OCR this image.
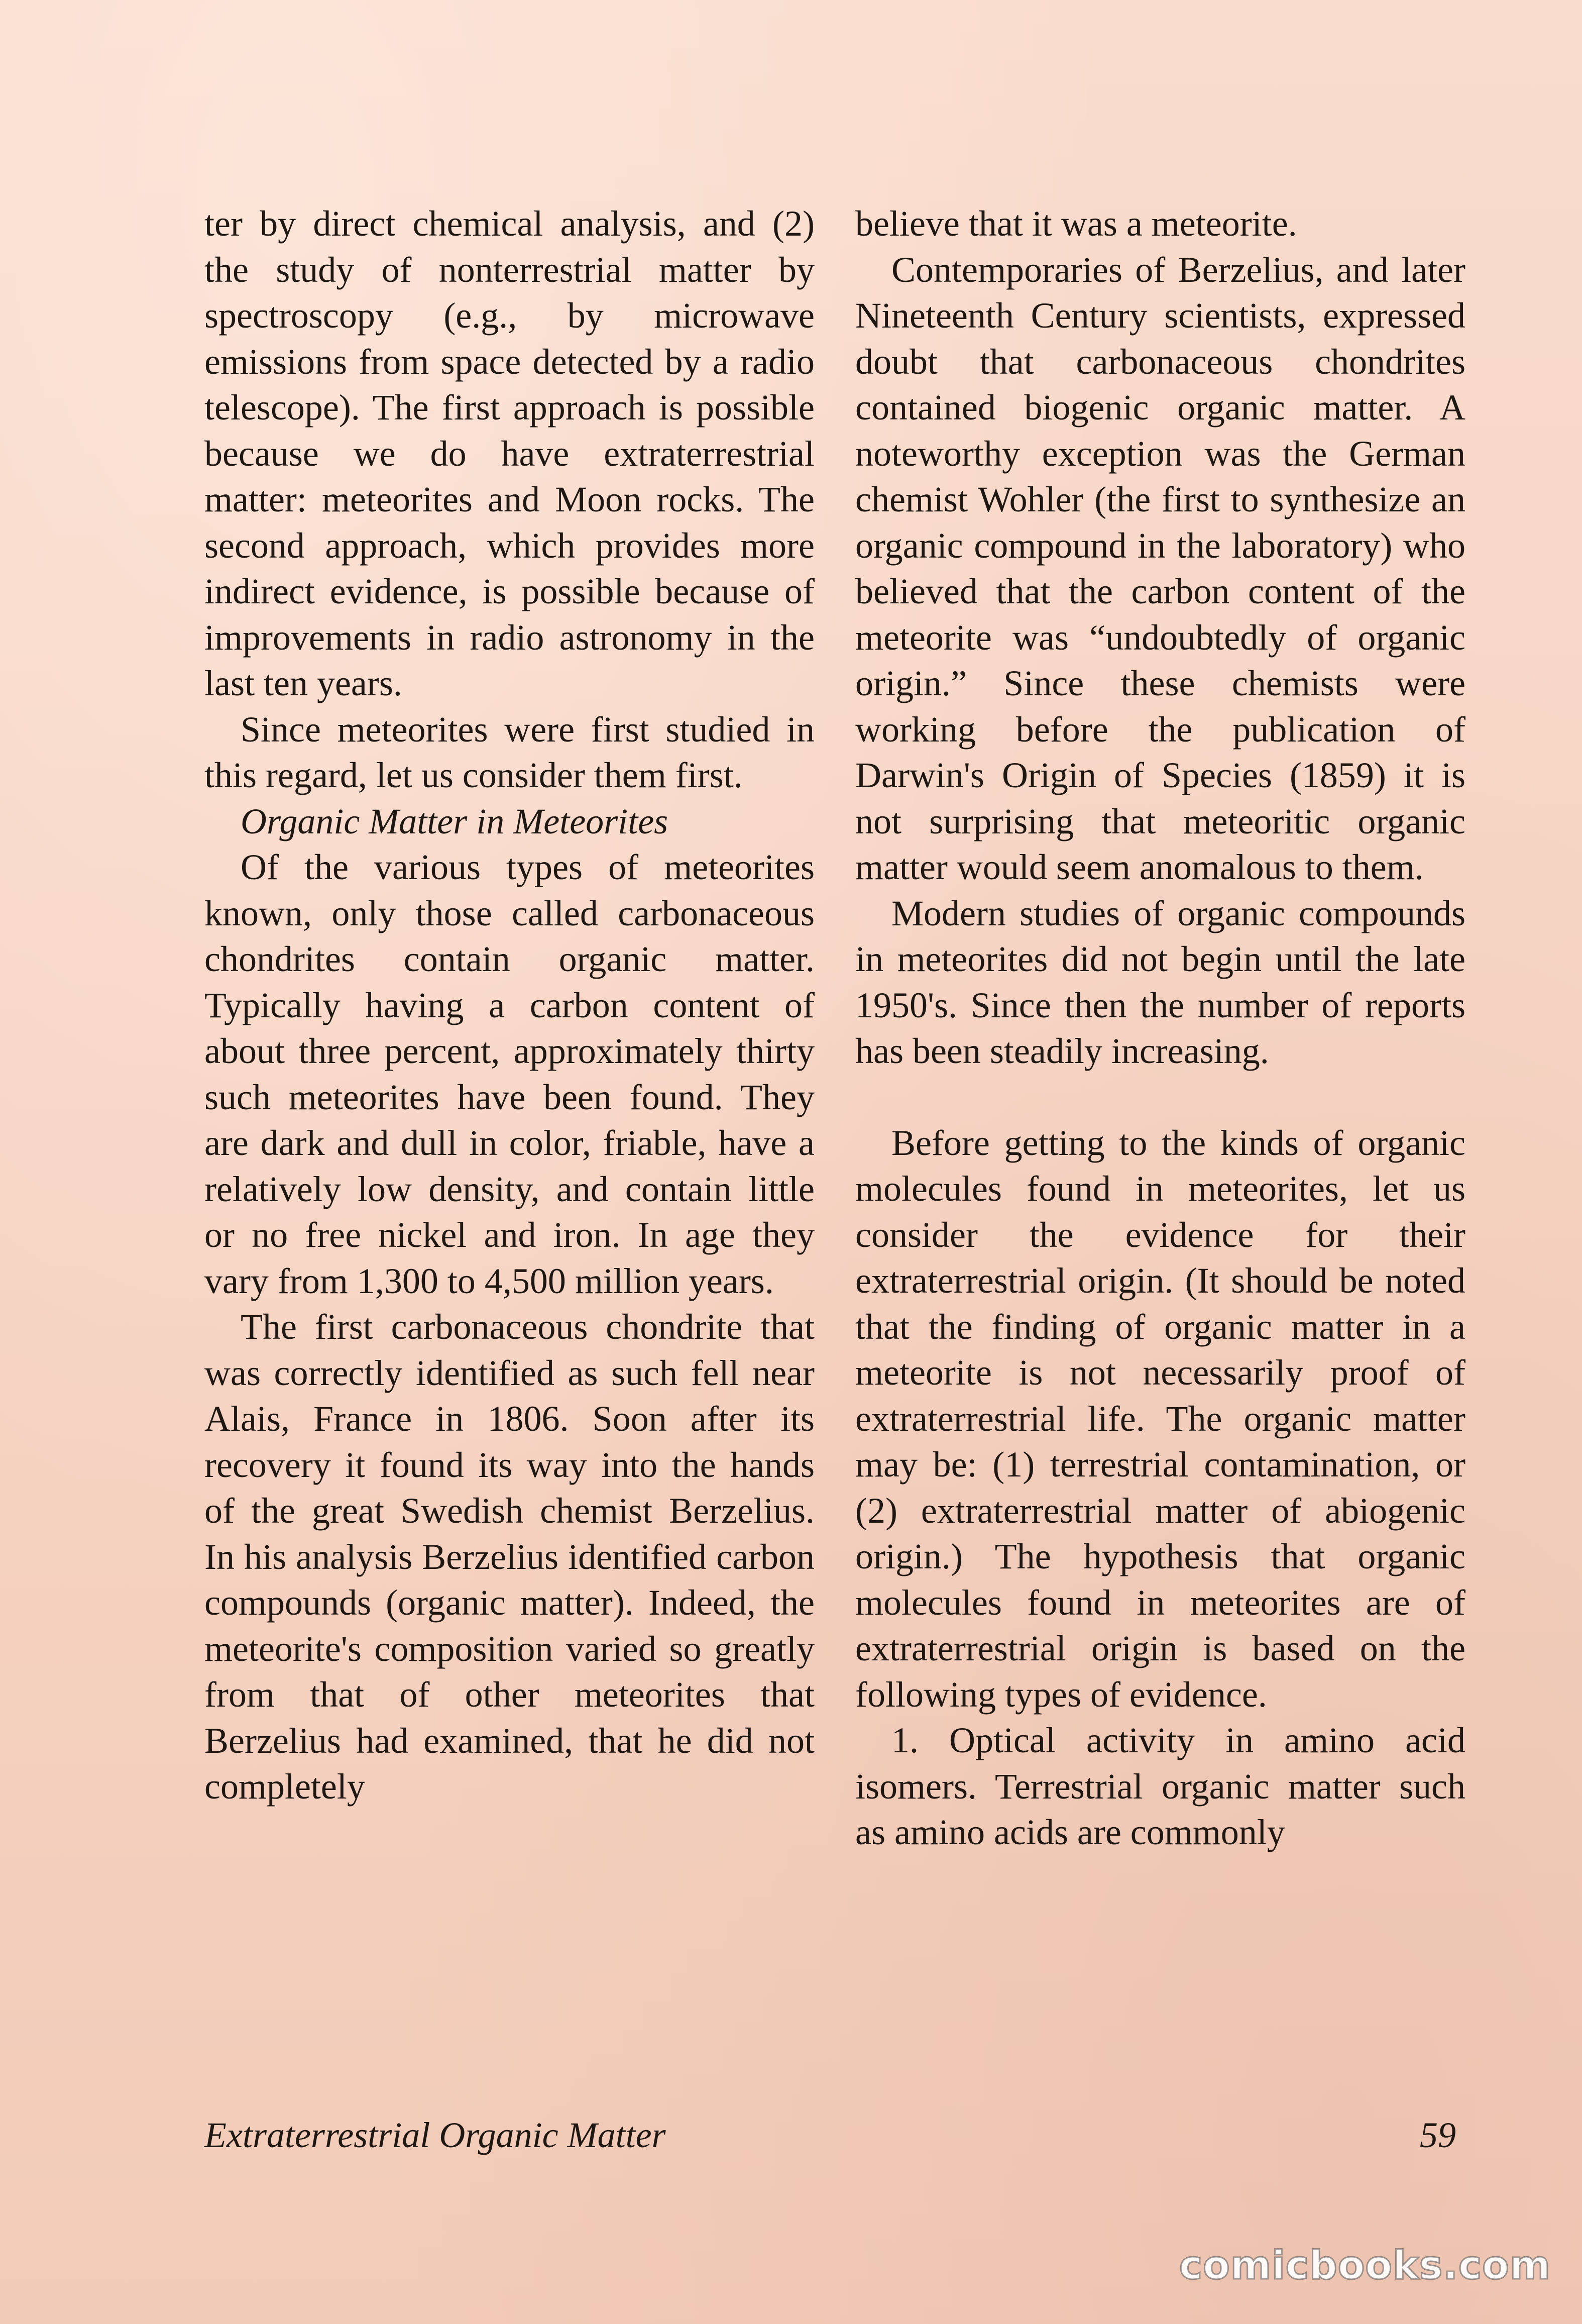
ter by direct chemical analysis, and (2) the study of nonterrestrial matter by spectroscopy (e.g., by microwave emissions from space detected by a radio telescope). The first approach is possible because we do have extraterrestrial matter: meteorites and Moon rocks. The second approach, which provides more indirect evidence, is possible because of improvements in radio astronomy in the last ten years.

Since meteorites were first studied in this regard, let us consider them first.

Organic Matter in Meteorites

Of the various types of meteorites known, only those called carbonaceous chondrites contain organic matter. Typically having a carbon content of about three percent, approximately thirty such meteorites have been found. They are dark and dull in color, friable, have a relatively low density, and contain little or no free nickel and iron. In age they vary from 1,300 to 4,500 million years.

The first carbonaceous chondrite that was correctly identified as such fell near Alais, France in 1806. Soon after its recovery it found its way into the hands of the great Swedish chemist Berzelius. In his analysis Berzelius identified carbon compounds (organic matter). Indeed, the meteorite's composition varied so greatly from that of other meteorites that Berzelius had examined, that he did not completely

believe that it was a meteorite.

Contemporaries of Berzelius, and later Nineteenth Century scientists, expressed doubt that carbonaceous chondrites contained biogenic organic matter. A noteworthy exception was the German chemist Wohler (the first to synthesize an organic compound in the laboratory) who believed that the carbon content of the meteorite was “undoubtedly of organic origin.” Since these chemists were working before the publication of Darwin's Origin of Species (1859) it is not surprising that meteoritic organic matter would seem anomalous to them.

Modern studies of organic compounds in meteorites did not begin until the late 1950's. Since then the number of reports has been steadily increasing.

Before getting to the kinds of organic molecules found in meteorites, let us consider the evidence for their extraterrestrial origin. (It should be noted that the finding of organic matter in a meteorite is not necessarily proof of extraterrestrial life. The organic matter may be: (1) terrestrial contamination, or (2) extraterrestrial matter of abiogenic origin.) The hypothesis that organic molecules found in meteorites are of extraterrestrial origin is based on the following types of evidence.

1. Optical activity in amino acid isomers. Terrestrial organic matter such as amino acids are commonly

Extraterrestrial Organic Matter	59
comicbooks.com
